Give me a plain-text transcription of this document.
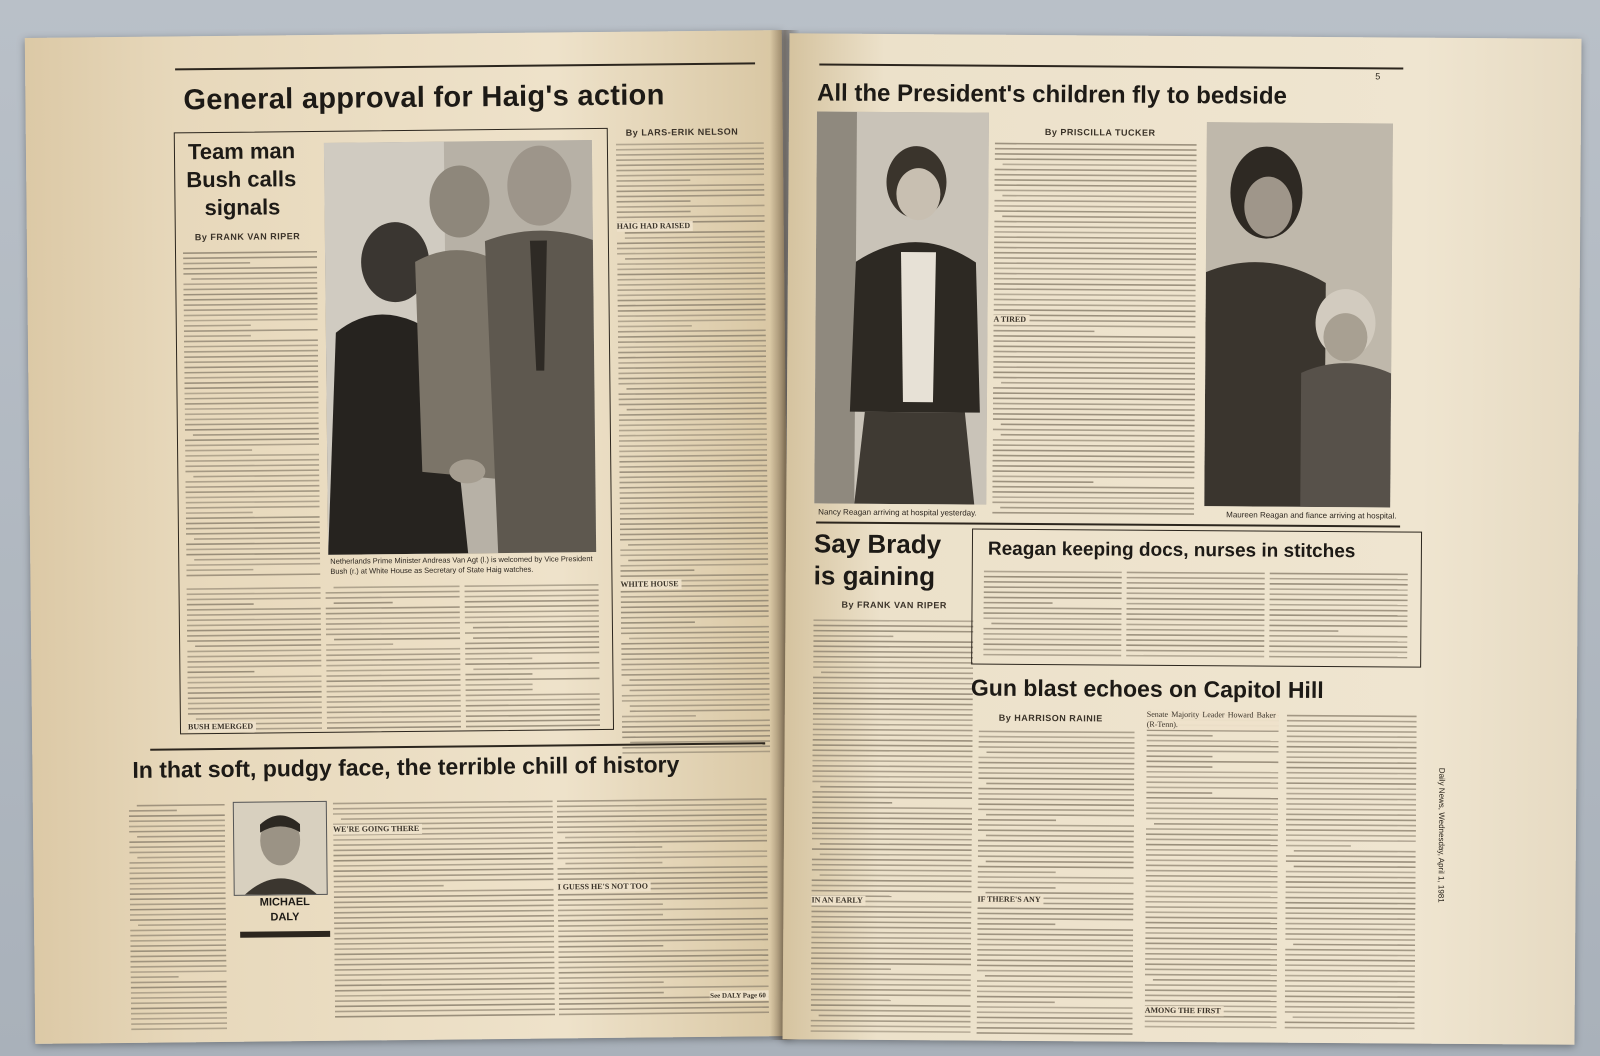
General approval for Haig's action
By LARS-ERIK NELSON
Team man
Bush calls
signals
By FRANK VAN RIPER
Netherlands Prime Minister Andreas Van Agt (l.) is welcomed by Vice President Bush (r.) at White House as Secretary of State Haig watches.
HAIG HAD RAISED
WHITE HOUSE
BUSH EMERGED
In that soft, pudgy face, the terrible chill of history
MICHAEL
DALY
WE'RE GOING THERE
I GUESS HE'S NOT TOO
See DALY Page 60
5
All the President's children fly to bedside
Nancy Reagan arriving at hospital yesterday.
By PRISCILLA TUCKER
A TIRED
Maureen Reagan and fiance arriving at hospital.
Say Brady
is gaining
By FRANK VAN RIPER
IN AN EARLY
Reagan keeping docs, nurses in stitches
Gun blast echoes on Capitol Hill
By HARRISON RAINIE
IF THERE'S ANY
Senate Majority Leader Howard Baker (R-Tenn).
AMONG THE FIRST
Daily News, Wednesday, April 1, 1981
